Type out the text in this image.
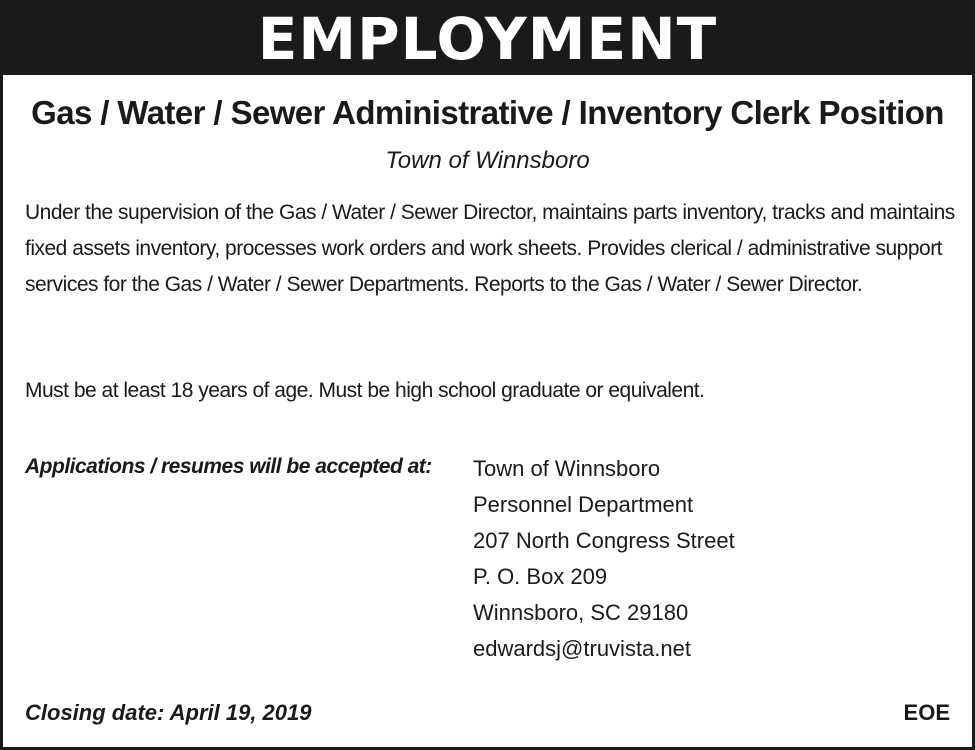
EMPLOYMENT
Gas / Water / Sewer Administrative / Inventory Clerk Position
Town of Winnsboro

Under the supervision of the Gas / Water / Sewer Director, maintains parts inventory, tracks and maintains fixed assets inventory, processes work orders and work sheets. Provides clerical / administrative support services for the Gas / Water / Sewer Departments. Reports to the Gas / Water / Sewer Director.

Must be at least 18 years of age. Must be high school graduate or equivalent.

Applications / resumes will be accepted at: Town of Winnsboro
Personnel Department
207 North Congress Street
P. O. Box 209
Winnsboro, SC 29180
edwardsj@truvista.net
Closing date: April 19, 2019	EOE
